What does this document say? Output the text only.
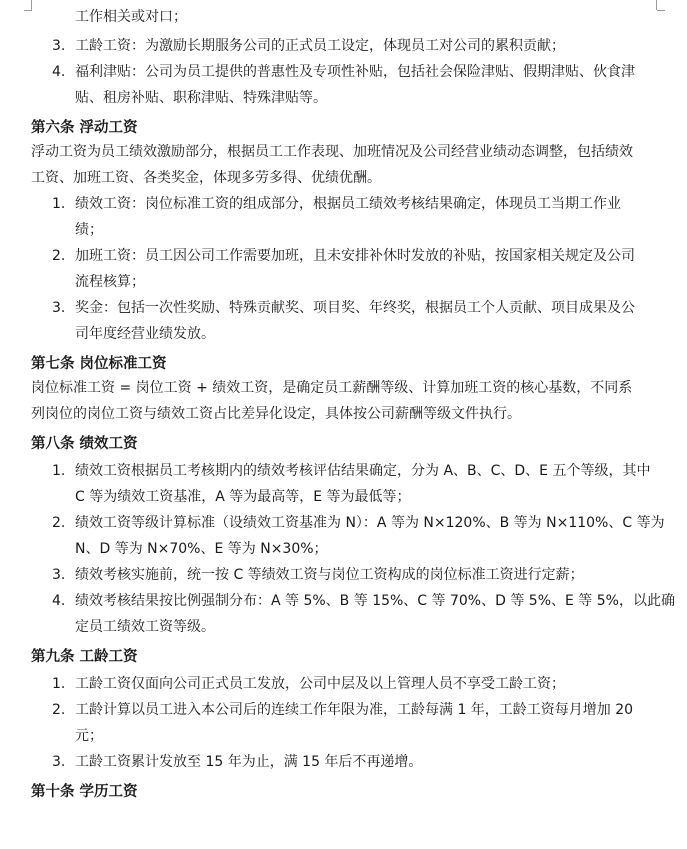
工作相关或对口；
3. 工龄工资：为激励长期服务公司的正式员工设定，体现员工对公司的累积贡献；
4. 福利津贴：公司为员工提供的普惠性及专项性补贴，包括社会保险津贴、假期津贴、伙食津
贴、租房补贴、职称津贴、特殊津贴等。
第六条 浮动工资
浮动工资为员工绩效激励部分，根据员工工作表现、加班情况及公司经营业绩动态调整，包括绩效
工资、加班工资、各类奖金，体现多劳多得、优绩优酬。
1. 绩效工资：岗位标准工资的组成部分，根据员工绩效考核结果确定，体现员工当期工作业
绩；
2. 加班工资：员工因公司工作需要加班，且未安排补休时发放的补贴，按国家相关规定及公司
流程核算；
3. 奖金：包括一次性奖励、特殊贡献奖、项目奖、年终奖，根据员工个人贡献、项目成果及公
司年度经营业绩发放。
第七条 岗位标准工资
岗位标准工资 = 岗位工资 + 绩效工资，是确定员工薪酬等级、计算加班工资的核心基数，不同系
列岗位的岗位工资与绩效工资占比差异化设定，具体按公司薪酬等级文件执行。
第八条 绩效工资
1. 绩效工资根据员工考核期内的绩效考核评估结果确定，分为 A、B、C、D、E 五个等级，其中
C 等为绩效工资基准，A 等为最高等，E 等为最低等；
2. 绩效工资等级计算标准（设绩效工资基准为 N）：A 等为 N×120%、B 等为 N×110%、C 等为
N、D 等为 N×70%、E 等为 N×30%；
3. 绩效考核实施前，统一按 C 等绩效工资与岗位工资构成的岗位标准工资进行定薪；
4. 绩效考核结果按比例强制分布：A 等 5%、B 等 15%、C 等 70%、D 等 5%、E 等 5%，以此确
定员工绩效工资等级。
第九条 工龄工资
1. 工龄工资仅面向公司正式员工发放，公司中层及以上管理人员不享受工龄工资；
2. 工龄计算以员工进入本公司后的连续工作年限为准，工龄每满 1 年，工龄工资每月增加 20
元；
3. 工龄工资累计发放至 15 年为止，满 15 年后不再递增。
第十条 学历工资
